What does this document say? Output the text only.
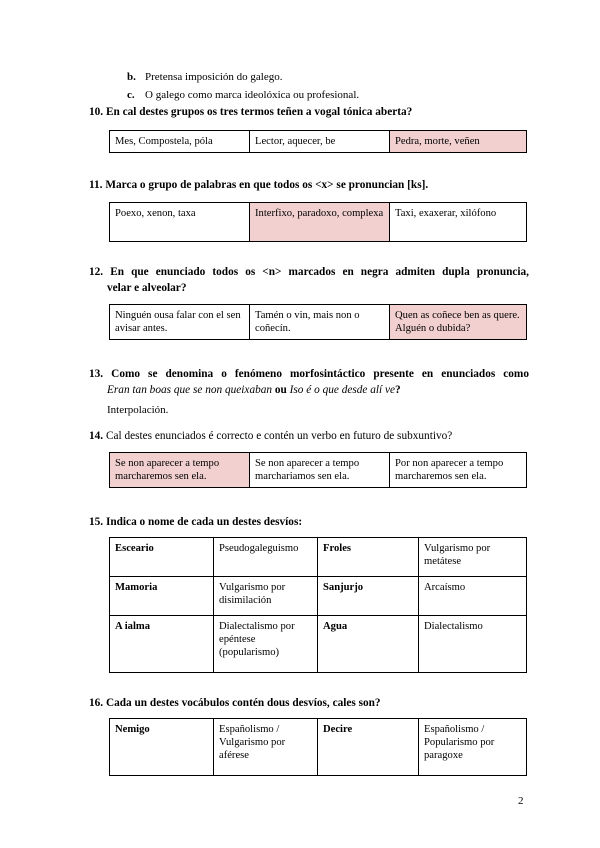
b. Pretensa imposición do galego.
c. O galego como marca ideolóxica ou profesional.
10. En cal destes grupos os tres termos teñen a vogal tónica aberta?
Mes, Compostela, póla	Lector, aquecer, be	Pedra, morte, veñen
11. Marca o grupo de palabras en que todos os <x> se pronuncian [ks].
Poexo, xenon, taxa	Interfixo, paradoxo, complexa	Taxi, exaxerar, xilófono
12. En que enunciado todos os <n> marcados en negra admiten dupla pronuncia,
velar e alveolar?
Ninguén ousa falar con el sen avisar antes.	Tamén o vin, mais non o coñecín.	Quen as coñece ben as quere. Alguén o dubida?
13. Como se denomina o fenómeno morfosintáctico presente en enunciados como
Eran tan boas que se non queixaban ou Iso é o que desde alí ve?
Interpolación.
14. Cal destes enunciados é correcto e contén un verbo en futuro de subxuntivo?
Se non aparecer a tempo marcharemos sen ela.	Se non aparecer a tempo marchariamos sen ela.	Por non aparecer a tempo marcharemos sen ela.
15. Indica o nome de cada un destes desvíos:
Esceario	Pseudogaleguismo	Froles	Vulgarismo por metátese
Mamoria	Vulgarismo por disimilación	Sanjurjo	Arcaísmo
A ialma	Dialectalismo por epéntese (popularismo)	Agua	Dialectalismo
16. Cada un destes vocábulos contén dous desvíos, cales son?
Nemigo	Españolismo / Vulgarismo por aférese	Decire	Españolismo / Popularismo por paragoxe
2
